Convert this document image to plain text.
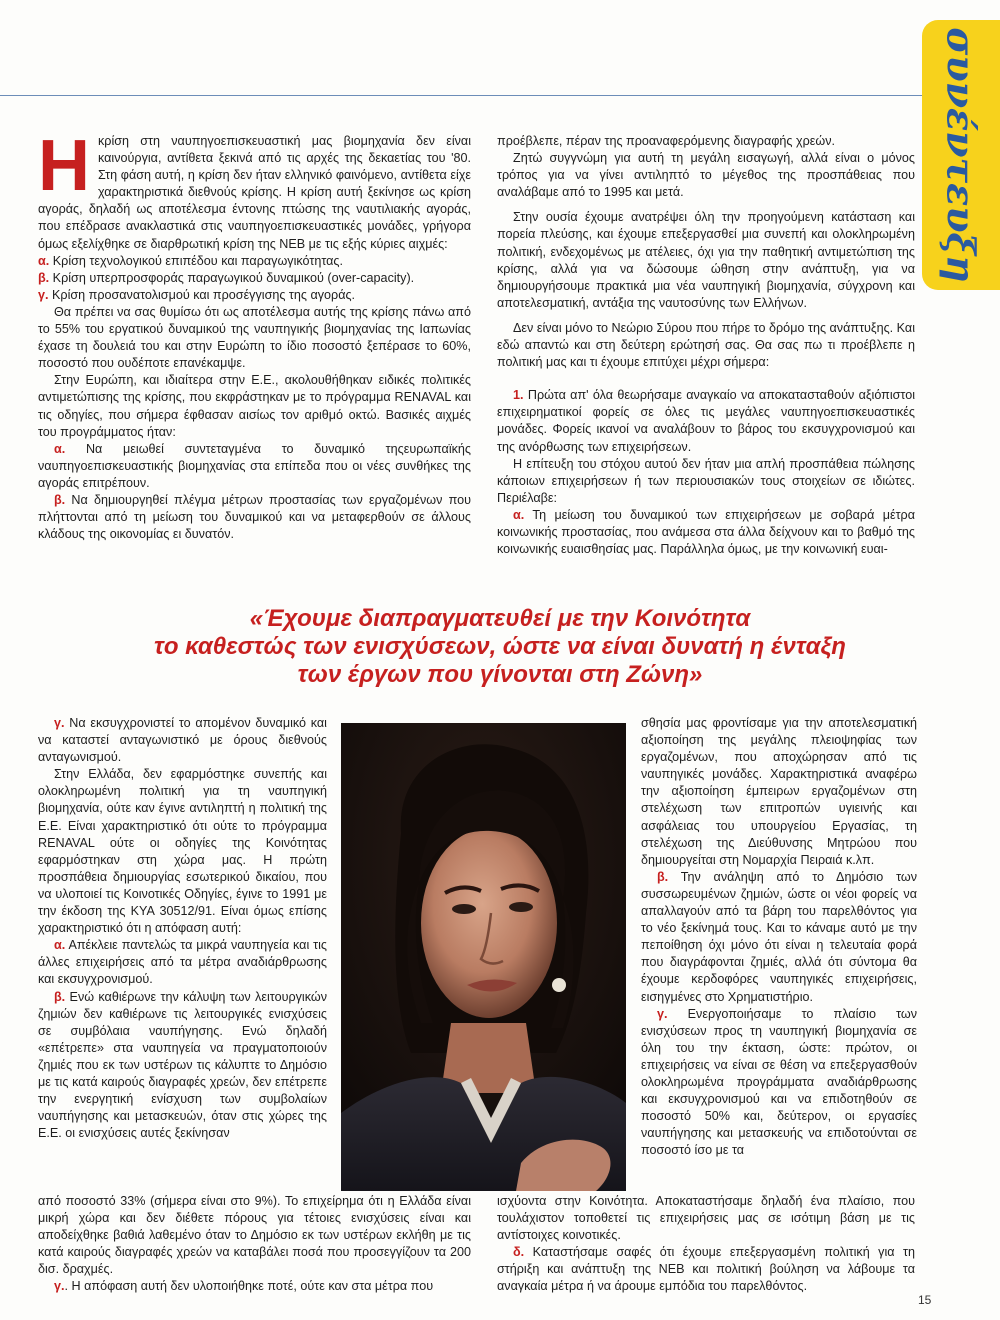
συνέντευξη

Η κρίση στη ναυπηγοεπισκευαστική μας βιομηχανία δεν είναι καινούργια, αντίθετα ξεκινά από τις αρχές της δεκαετίας του '80. Στη φάση αυτή, η κρίση δεν ήταν ελληνικό φαινόμενο, αντίθετα είχε χαρακτηριστικά διεθνούς κρίσης. Η κρίση αυτή ξεκίνησε ως κρίση αγοράς, δηλαδή ως αποτέλεσμα έντονης πτώσης της ναυτιλιακής αγοράς, που επέδρασε ανακλαστικά στις ναυπηγοεπισκευαστικές μονάδες, γρήγορα όμως εξελίχθηκε σε διαρθρωτική κρίση της ΝΕΒ με τις εξής κύριες αιχμές:

α. Κρίση τεχνολογικού επιπέδου και παραγωγικότητας.

β. Κρίση υπερπροσφοράς παραγωγικού δυναμικού (over-capacity).

γ. Κρίση προσανατολισμού και προσέγγισης της αγοράς.

Θα πρέπει να σας θυμίσω ότι ως αποτέλεσμα αυτής της κρίσης πάνω από το 55% του εργατικού δυναμικού της ναυπηγικής βιομηχανίας της Ιαπωνίας έχασε τη δουλειά του και στην Ευρώπη το ίδιο ποσοστό ξεπέρασε το 60%, ποσοστό που ουδέποτε επανέκαμψε.

Στην Ευρώπη, και ιδιαίτερα στην Ε.Ε., ακολουθήθηκαν ειδικές πολιτικές αντιμετώπισης της κρίσης, που εκφράστηκαν με το πρόγραμμα RENAVAL και τις οδηγίες, που σήμερα έφθασαν αισίως τον αριθμό οκτώ. Βασικές αιχμές του προγράμματος ήταν:

α. Να μειωθεί συντεταγμένα το δυναμικό τηςευρωπαϊκής ναυπηγοεπισκευαστικής βιομηχανίας στα επίπεδα που οι νέες συνθήκες της αγοράς επιτρέπουν.

β. Να δημιουργηθεί πλέγμα μέτρων προστασίας των εργαζομένων που πλήττονται από τη μείωση του δυναμικού και να μεταφερθούν σε άλλους κλάδους της οικονομίας ει δυνατόν.

προέβλεπε, πέραν της προαναφερόμενης διαγραφής χρεών.

Ζητώ συγγνώμη για αυτή τη μεγάλη εισαγωγή, αλλά είναι ο μόνος τρόπος για να γίνει αντιληπτό το μέγεθος της προσπάθειας που αναλάβαμε από το 1995 και μετά.

Στην ουσία έχουμε ανατρέψει όλη την προηγούμενη κατάσταση και πορεία πλεύσης, και έχουμε επεξεργασθεί μια συνεπή και ολοκληρωμένη πολιτική, ενδεχομένως με ατέλειες, όχι για την παθητική αντιμετώπιση της κρίσης, αλλά για να δώσουμε ώθηση στην ανάπτυξη, για να δημιουργήσουμε πρακτικά μια νέα ναυπηγική βιομηχανία, σύγχρονη και αποτελεσματική, αντάξια της ναυτοσύνης των Ελλήνων.

Δεν είναι μόνο το Νεώριο Σύρου που πήρε το δρόμο της ανάπτυξης. Και εδώ απαντώ και στη δεύτερη ερώτησή σας. Θα σας πω τι προέβλεπε η πολιτική μας και τι έχουμε επιτύχει μέχρι σήμερα:

1. Πρώτα απ' όλα θεωρήσαμε αναγκαίο να αποκατασταθούν αξιόπιστοι επιχειρηματικοί φορείς σε όλες τις μεγάλες ναυπηγοεπισκευαστικές μονάδες. Φορείς ικανοί να αναλάβουν το βάρος του εκσυγχρονισμού και της ανόρθωσης των επιχειρήσεων.

Η επίτευξη του στόχου αυτού δεν ήταν μια απλή προσπάθεια πώλησης κάποιων επιχειρήσεων ή των περιουσιακών τους στοιχείων σε ιδιώτες. Περιέλαβε:

α. Τη μείωση του δυναμικού των επιχειρήσεων με σοβαρά μέτρα κοινωνικής προστασίας, που ανάμεσα στα άλλα δείχνουν και το βαθμό της κοινωνικής ευαισθησίας μας. Παράλληλα όμως, με την κοινωνική ευαι-

«Έχουμε διαπραγματευθεί με την Κοινότητα
το καθεστώς των ενισχύσεων, ώστε να είναι δυνατή η ένταξη
των έργων που γίνονται στη Ζώνη»

γ. Να εκσυγχρονιστεί το απομένον δυναμικό και να καταστεί ανταγωνιστικό με όρους διεθνούς ανταγωνισμού.

Στην Ελλάδα, δεν εφαρμόστηκε συνεπής και ολοκληρωμένη πολιτική για τη ναυπηγική βιομηχανία, ούτε καν έγινε αντιληπτή η πολιτική της Ε.Ε. Είναι χαρακτηριστικό ότι ούτε το πρόγραμμα RENAVAL ούτε οι οδηγίες της Κοινότητας εφαρμόστηκαν στη χώρα μας. Η πρώτη προσπάθεια δημιουργίας εσωτερικού δικαίου, που να υλοποιεί τις Κοινοτικές Οδηγίες, έγινε το 1991 με την έκδοση της ΚΥΑ 30512/91. Είναι όμως επίσης χαρακτηριστικό ότι η απόφαση αυτή:

α. Απέκλειε παντελώς τα μικρά ναυπηγεία και τις άλλες επιχειρήσεις από τα μέτρα αναδιάρθρωσης και εκσυγχρονισμού.

β. Ενώ καθιέρωνε την κάλυψη των λειτουργικών ζημιών δεν καθιέρωνε τις λειτουργικές ενισχύσεις σε συμβόλαια ναυπήγησης. Ενώ δηλαδή «επέτρεπε» στα ναυπηγεία να πραγματοποιούν ζημιές που εκ των υστέρων τις κάλυπτε το Δημόσιο με τις κατά καιρούς διαγραφές χρεών, δεν επέτρεπε την ενεργητική ενίσχυση των συμβολαίων ναυπήγησης και μετασκευών, όταν στις χώρες της Ε.Ε. οι ενισχύσεις αυτές ξεκίνησαν

από ποσοστό 33% (σήμερα είναι στο 9%). Το επιχείρημα ότι η Ελλάδα είναι μικρή χώρα και δεν διέθετε πόρους για τέτοιες ενισχύσεις είναι και αποδείχθηκε βαθιά λαθεμένο όταν το Δημόσιο εκ των υστέρων εκλήθη με τις κατά καιρούς διαγραφές χρεών να καταβάλει ποσά που προσεγγίζουν τα 200 δισ. δραχμές.

γ.. Η απόφαση αυτή δεν υλοποιήθηκε ποτέ, ούτε καν στα μέτρα που

σθησία μας φροντίσαμε για την αποτελεσματική αξιοποίηση της μεγάλης πλειοψηφίας των εργαζομένων, που αποχώρησαν από τις ναυπηγικές μονάδες. Χαρακτηριστικά αναφέρω την αξιοποίηση έμπειρων εργαζομένων στη στελέχωση των επιτροπών υγιεινής και ασφάλειας του υπουργείου Εργασίας, τη στελέχωση της Διεύθυνσης Μητρώου που δημιουργείται στη Νομαρχία Πειραιά κ.λπ.

β. Την ανάληψη από το Δημόσιο των συσσωρευμένων ζημιών, ώστε οι νέοι φορείς να απαλλαγούν από τα βάρη του παρελθόντος για το νέο ξεκίνημά τους. Και το κάναμε αυτό με την πεποίθηση όχι μόνο ότι είναι η τελευταία φορά που διαγράφονται ζημιές, αλλά ότι σύντομα θα έχουμε κερδοφόρες ναυπηγικές επιχειρήσεις, εισηγμένες στο Χρηματιστήριο.

γ. Ενεργοποιήσαμε το πλαίσιο των ενισχύσεων προς τη ναυπηγική βιομηχανία σε όλη του την έκταση, ώστε: πρώτον, οι επιχειρήσεις να είναι σε θέση να επεξεργασθούν ολοκληρωμένα προγράμματα αναδιάρθρωσης και εκσυγχρονισμού και να επιδοτηθούν σε ποσοστό 50% και, δεύτερον, οι εργασίες ναυπήγησης και μετασκευής να επιδοτούνται σε ποσοστό ίσο με τα

ισχύοντα στην Κοινότητα. Αποκαταστήσαμε δηλαδή ένα πλαίσιο, που τουλάχιστον τοποθετεί τις επιχειρήσεις μας σε ισότιμη βάση με τις αντίστοιχες κοινοτικές.

δ. Καταστήσαμε σαφές ότι έχουμε επεξεργασμένη πολιτική για τη στήριξη και ανάπτυξη της ΝΕΒ και πολιτική βούληση να λάβουμε τα αναγκαία μέτρα ή να άρουμε εμπόδια του παρελθόντος.

15
